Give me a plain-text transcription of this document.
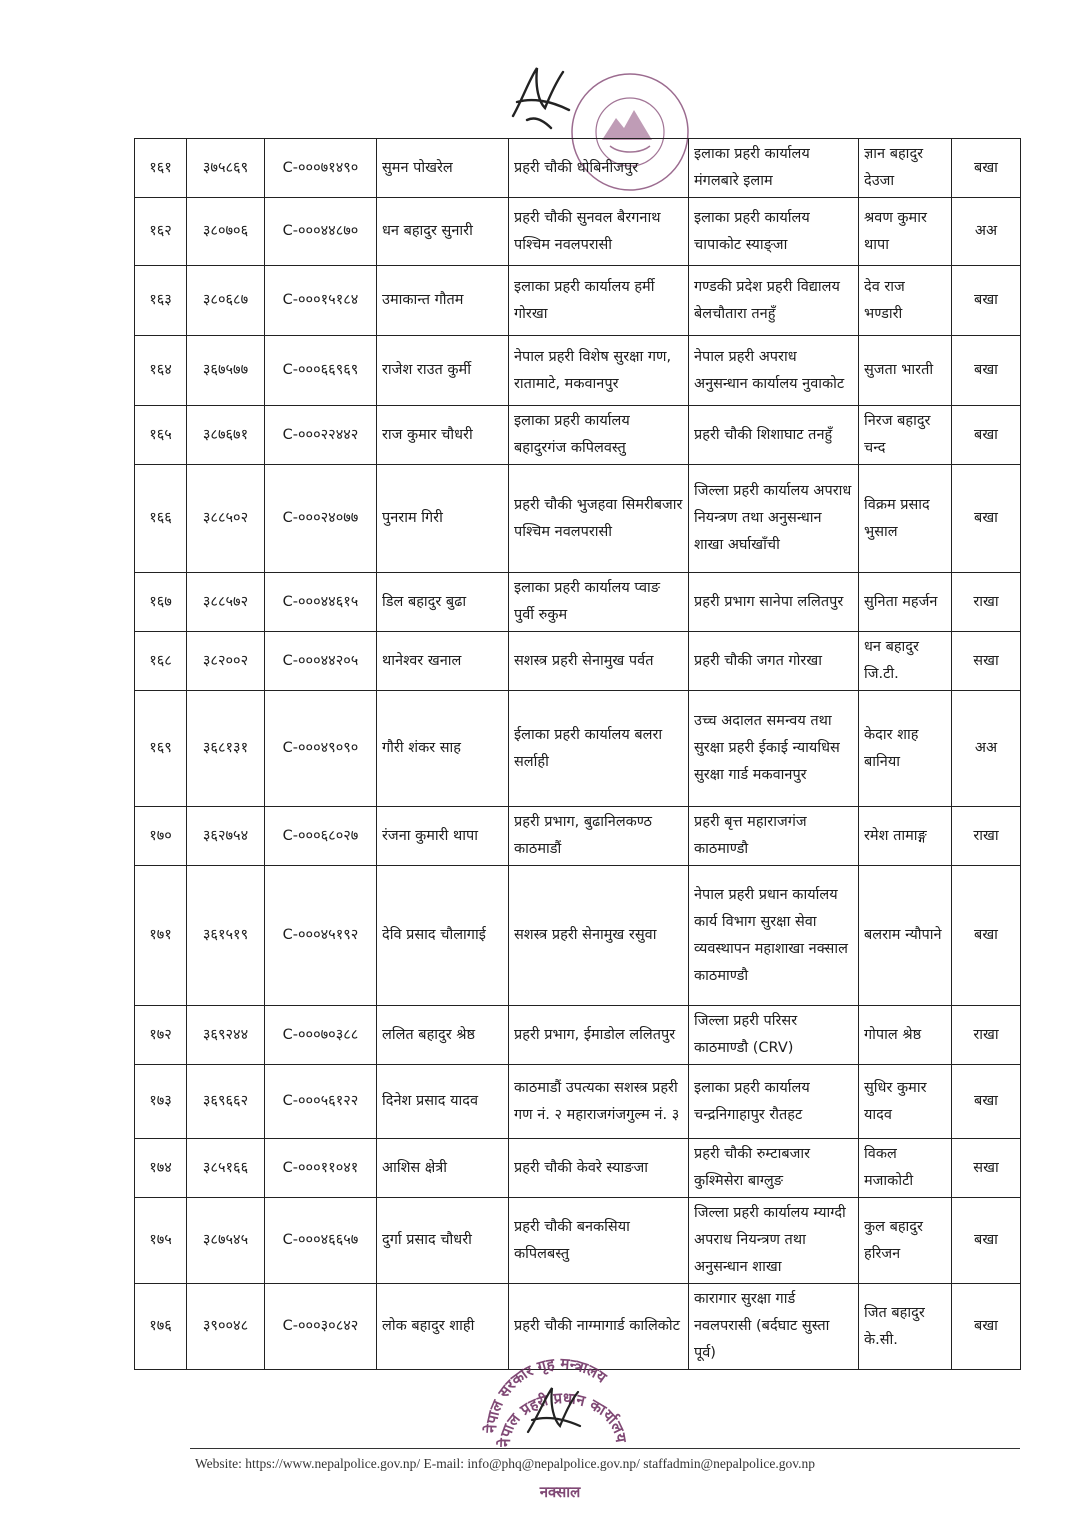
१६१	३७५८६९	C-०००७१४९०	सुमन पोखरेल	प्रहरी चौकी धोबिनीजपुर	इलाका प्रहरी कार्यालय मंगलबारे इलाम	ज्ञान बहादुर देउजा	बखा
१६२	३८०७०६	C-०००४४८७०	धन बहादुर सुनारी	प्रहरी चौकी सुनवल बैरगनाथ पश्चिम नवलपरासी	इलाका प्रहरी कार्यालय चापाकोट स्याङ्जा	श्रवण कुमार थापा	अअ
१६३	३८०६८७	C-०००१५१८४	उमाकान्त गौतम	इलाका प्रहरी कार्यालय हर्मी गोरखा	गण्डकी प्रदेश प्रहरी विद्यालय बेलचौतारा तनहुँ	देव राज भण्डारी	बखा
१६४	३६७५७७	C-०००६६९६९	राजेश राउत कुर्मी	नेपाल प्रहरी विशेष सुरक्षा गण, रातामाटे, मकवानपुर	नेपाल प्रहरी अपराध अनुसन्धान कार्यालय नुवाकोट	सुजता भारती	बखा
१६५	३८७६७१	C-०००२२४४२	राज कुमार चौधरी	इलाका प्रहरी कार्यालय बहादुरगंज कपिलवस्तु	प्रहरी चौकी शिशाघाट तनहुँ	निरज बहादुर चन्द	बखा
१६६	३८८५०२	C-०००२४०७७	पुनराम गिरी	प्रहरी चौकी भुजहवा सिमरीबजार पश्चिम नवलपरासी	जिल्ला प्रहरी कार्यालय अपराध नियन्त्रण तथा अनुसन्धान शाखा अर्घाखाँची	विक्रम प्रसाद भुसाल	बखा
१६७	३८८५७२	C-०००४४६१५	डिल बहादुर बुढा	इलाका प्रहरी कार्यालय प्वाङ पुर्वी रुकुम	प्रहरी प्रभाग सानेपा ललितपुर	सुनिता महर्जन	राखा
१६८	३८२००२	C-०००४४२०५	थानेश्वर खनाल	सशस्त्र प्रहरी सेनामुख पर्वत	प्रहरी चौकी जगत गोरखा	धन बहादुर जि.टी.	सखा
१६९	३६८१३१	C-०००४९०९०	गौरी शंकर साह	ईलाका प्रहरी कार्यालय बलरा सर्लाही	उच्च अदालत समन्वय तथा सुरक्षा प्रहरी ईकाई न्यायधिस सुरक्षा गार्ड मकवानपुर	केदार शाह बानिया	अअ
१७०	३६२७५४	C-०००६८०२७	रंजना कुमारी थापा	प्रहरी प्रभाग, बुढानिलकण्ठ काठमाडौं	प्रहरी बृत्त महाराजगंज काठमाण्डौ	रमेश तामाङ्ग	राखा
१७१	३६१५१९	C-०००४५१९२	देवि प्रसाद चौलागाई	सशस्त्र प्रहरी सेनामुख रसुवा	नेपाल प्रहरी प्रधान कार्यालय कार्य विभाग सुरक्षा सेवा व्यवस्थापन महाशाखा नक्साल काठमाण्डौ	बलराम न्यौपाने	बखा
१७२	३६९२४४	C-०००७०३८८	ललित बहादुर श्रेष्ठ	प्रहरी प्रभाग, ईमाडोल ललितपुर	जिल्ला प्रहरी परिसर काठमाण्डौ (CRV)	गोपाल श्रेष्ठ	राखा
१७३	३६९६६२	C-०००५६१२२	दिनेश प्रसाद यादव	काठमाडौं उपत्यका सशस्त्र प्रहरी गण नं. २ महाराजगंजगुल्म नं. ३	इलाका प्रहरी कार्यालय चन्द्रनिगाहापुर रौतहट	सुधिर कुमार यादव	बखा
१७४	३८५१६६	C-०००११०४१	आशिस क्षेत्री	प्रहरी चौकी केवरे स्याङजा	प्रहरी चौकी रुम्टाबजार कुश्मिसेरा बाग्लुङ	विकल मजाकोटी	सखा
१७५	३८७५४५	C-०००४६६५७	दुर्गा प्रसाद चौधरी	प्रहरी चौकी बनकसिया कपिलबस्तु	जिल्ला प्रहरी कार्यालय म्याग्दी अपराध नियन्त्रण तथा अनुसन्धान शाखा	कुल बहादुर हरिजन	बखा
१७६	३९००४८	C-०००३०८४२	लोक बहादुर शाही	प्रहरी चौकी नाग्मागार्ड कालिकोट	कारागार सुरक्षा गार्ड नवलपरासी (बर्दघाट सुस्ता पूर्व)	जित बहादुर के.सी.	बखा
नेपाल सरकार गृह मन्त्रालय
नेपाल प्रहरी प्रधान कार्यालय
नक्साल
Website: https://www.nepalpolice.gov.np/ E-mail: info@phq@nepalpolice.gov.np/ staffadmin@nepalpolice.gov.np
